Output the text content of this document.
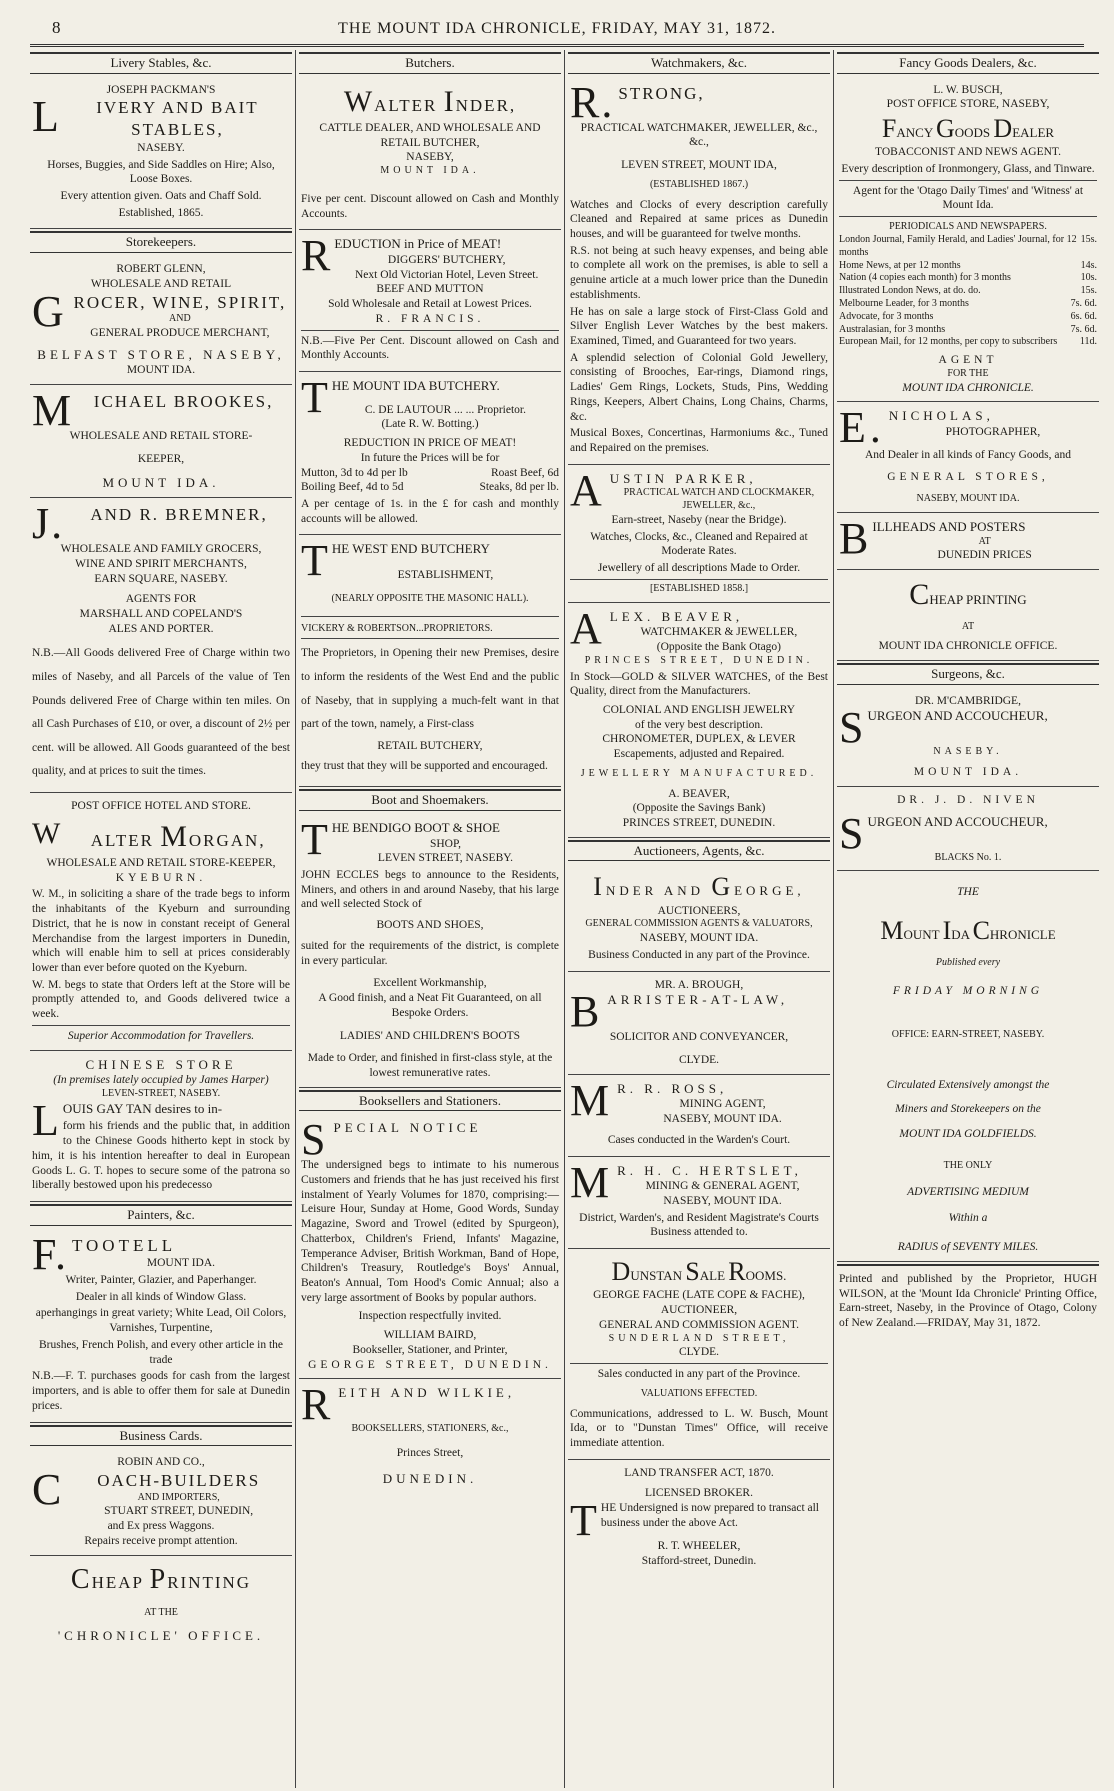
8	THE MOUNT IDA CHRONICLE, FRIDAY, MAY 31, 1872.
Livery Stables, &c.
JOSEPH PACKMAN'S
L IVERY AND BAIT STABLES,
NASEBY.

Horses, Buggies, and Side Saddles on Hire; Also, Loose Boxes.

Every attention given. Oats and Chaff Sold.

Established, 1865.

Storekeepers.
ROBERT GLENN,
WHOLESALE AND RETAIL
GROCER, WINE, SPIRIT,
AND
GENERAL PRODUCE MERCHANT,
BELFAST STORE, NASEBY,
MOUNT IDA.
M ICHAEL BROOKES,
WHOLESALE AND RETAIL STORE-
KEEPER,
MOUNT IDA.
J. AND R. BREMNER,
WHOLESALE AND FAMILY GROCERS,
WINE AND SPIRIT MERCHANTS,
EARN SQUARE, NASEBY.
AGENTS FOR
MARSHALL AND COPELAND'S
ALES AND PORTER.

N.B.—All Goods delivered Free of Charge within two miles of Naseby, and all Parcels of the value of Ten Pounds delivered Free of Charge within ten miles. On all Cash Purchases of £10, or over, a discount of 2½ per cent. will be allowed. All Goods guaranteed of the best quality, and at prices to suit the times.

POST OFFICE HOTEL AND STORE.
W ALTER MORGAN,
WHOLESALE AND RETAIL STORE-KEEPER,
KYEBURN.

W. M., in soliciting a share of the trade begs to inform the inhabitants of the Kyeburn and surrounding District, that he is now in constant receipt of General Merchandise from the largest importers in Dunedin, which will enable him to sell at prices considerably lower than ever before quoted on the Kyeburn.

W. M. begs to state that Orders left at the Store will be promptly attended to, and Goods delivered twice a week.

Superior Accommodation for Travellers.
CHINESE STORE
(In premises lately occupied by James Harper)
LEVEN-STREET, NASEBY.
LOUIS GAY TAN desires to in-

form his friends and the public that, in addition to the Chinese Goods hitherto kept in stock by him, it is his intention hereafter to deal in European Goods L. G. T. hopes to secure some of the patrona so liberally bestowed upon his predecesso

Painters, &c.
F. TOOTELL
MOUNT IDA.

Writer, Painter, Glazier, and Paperhanger.

Dealer in all kinds of Window Glass.

aperhangings in great variety; White Lead, Oil Colors, Varnishes, Turpentine,

Brushes, French Polish, and every other article in the trade

N.B.—F. T. purchases goods for cash from the largest importers, and is able to offer them for sale at Dunedin prices.

Business Cards.
ROBIN AND CO.,
C OACH-BUILDERS
AND IMPORTERS,
STUART STREET, DUNEDIN,
and Ex press Waggons.
Repairs receive prompt attention.
CHEAP PRINTING
AT THE
'CHRONICLE' OFFICE.
Butchers.
WALTER INDER,
CATTLE DEALER, AND WHOLESALE AND RETAIL BUTCHER,
NASEBY,
MOUNT IDA.

Five per cent. Discount allowed on Cash and Monthly Accounts.

REDUCTION in Price of MEAT!
DIGGERS' BUTCHERY,
Next Old Victorian Hotel, Leven Street.
BEEF AND MUTTON
Sold Wholesale and Retail at Lowest Prices.
R. FRANCIS.

N.B.—Five Per Cent. Discount allowed on Cash and Monthly Accounts.

THE MOUNT IDA BUTCHERY.
C. DE LAUTOUR ... ... Proprietor.
(Late R. W. Botting.)
REDUCTION IN PRICE OF MEAT!
In future the Prices will be for
Mutton, 3d to 4d per lb	Roast Beef, 6d
Boiling Beef, 4d to 5d	Steaks, 8d per lb.

A per centage of 1s. in the £ for cash and monthly accounts will be allowed.

THE WEST END BUTCHERY
ESTABLISHMENT,
(NEARLY OPPOSITE THE MASONIC HALL).
VICKERY & ROBERTSON...PROPRIETORS.

The Proprietors, in Opening their new Premises, desire to inform the residents of the West End and the public of Naseby, that in supplying a much-felt want in that part of the town, namely, a First-class

RETAIL BUTCHERY,

they trust that they will be supported and encouraged.

Boot and Shoemakers.
THE BENDIGO BOOT & SHOE
SHOP,
LEVEN STREET, NASEBY.

JOHN ECCLES begs to announce to the Residents, Miners, and others in and around Naseby, that his large and well selected Stock of

BOOTS AND SHOES,

suited for the requirements of the district, is complete in every particular.

Excellent Workmanship,
A Good finish, and a Neat Fit Guaranteed, on all Bespoke Orders.
LADIES' AND CHILDREN'S BOOTS
Made to Order, and finished in first-class style, at the lowest remunerative rates.
Booksellers and Stationers.
SPECIAL NOTICE

The undersigned begs to intimate to his numerous Customers and friends that he has just received his first instalment of Yearly Volumes for 1870, comprising:—Leisure Hour, Sunday at Home, Good Words, Sunday Magazine, Sword and Trowel (edited by Spurgeon), Chatterbox, Children's Friend, Infants' Magazine, Temperance Adviser, British Workman, Band of Hope, Children's Treasury, Routledge's Boys' Annual, Beaton's Annual, Tom Hood's Comic Annual; also a very large assortment of Books by popular authors.

Inspection respectfully invited.
WILLIAM BAIRD,
Bookseller, Stationer, and Printer,
GEORGE STREET, DUNEDIN.
REITH AND WILKIE,
BOOKSELLERS, STATIONERS, &c.,
Princes Street,
DUNEDIN.
Watchmakers, &c.
R. STRONG,
PRACTICAL WATCHMAKER, JEWELLER, &c., &c.,
LEVEN STREET, MOUNT IDA,
(ESTABLISHED 1867.)

Watches and Clocks of every description carefully Cleaned and Repaired at same prices as Dunedin houses, and will be guaranteed for twelve months.

R.S. not being at such heavy expenses, and being able to complete all work on the premises, is able to sell a genuine article at a much lower price than the Dunedin establishments.

He has on sale a large stock of First-Class Gold and Silver English Lever Watches by the best makers. Examined, Timed, and Guaranteed for two years.

A splendid selection of Colonial Gold Jewellery, consisting of Brooches, Ear-rings, Diamond rings, Ladies' Gem Rings, Lockets, Studs, Pins, Wedding Rings, Keepers, Albert Chains, Long Chains, Charms, &c.

Musical Boxes, Concertinas, Harmoniums &c., Tuned and Repaired on the premises.

AUSTIN PARKER,
PRACTICAL WATCH AND CLOCKMAKER, JEWELLER, &c.,
Earn-street, Naseby (near the Bridge).

Watches, Clocks, &c., Cleaned and Repaired at Moderate Rates.

Jewellery of all descriptions Made to Order.

[ESTABLISHED 1858.]
ALEX. BEAVER,
WATCHMAKER & JEWELLER,
(Opposite the Bank Otago)
PRINCES STREET, DUNEDIN.

In Stock—GOLD & SILVER WATCHES, of the Best Quality, direct from the Manufacturers.

COLONIAL AND ENGLISH JEWELRY
of the very best description.
CHRONOMETER, DUPLEX, & LEVER
Escapements, adjusted and Repaired.
JEWELLERY MANUFACTURED.
A. BEAVER,
(Opposite the Savings Bank)
PRINCES STREET, DUNEDIN.
Auctioneers, Agents, &c.
INDER AND GEORGE,
AUCTIONEERS,
GENERAL COMMISSION AGENTS & VALUATORS,
NASEBY, MOUNT IDA.

Business Conducted in any part of the Province.

MR. A. BROUGH,
BARRISTER-AT-LAW,
SOLICITOR AND CONVEYANCER,
CLYDE.
M R. R. ROSS,
MINING AGENT,
NASEBY, MOUNT IDA.

Cases conducted in the Warden's Court.

M R. H. C. HERTSLET,
MINING & GENERAL AGENT,
NASEBY, MOUNT IDA.

District, Warden's, and Resident Magistrate's Courts Business attended to.

DUNSTAN SALE ROOMS.
GEORGE FACHE (LATE COPE & FACHE),
AUCTIONEER,
GENERAL AND COMMISSION AGENT.
SUNDERLAND STREET,
CLYDE.

Sales conducted in any part of the Province.

VALUATIONS EFFECTED.

Communications, addressed to L. W. Busch, Mount Ida, or to "Dunstan Times" Office, will receive immediate attention.

LAND TRANSFER ACT, 1870.
LICENSED BROKER.
THE Undersigned is now prepared to transact all business under the above Act.
R. T. WHEELER,
Stafford-street, Dunedin.
Fancy Goods Dealers, &c.
L. W. BUSCH,
POST OFFICE STORE, NASEBY,
FANCY GOODS DEALER
TOBACCONIST AND NEWS AGENT.

Every description of Ironmongery, Glass, and Tinware.

Agent for the 'Otago Daily Times' and 'Witness' at Mount Ida.

PERIODICALS AND NEWSPAPERS.
London Journal, Family Herald, and Ladies' Journal, for 12 months
15s.
Home News, at per 12 months	14s.
Nation (4 copies each month) for 3 months	10s.
Illustrated London News, at do. do.	15s.
Melbourne Leader, for 3 months	7s. 6d.
Advocate, for 3 months	6s. 6d.
Australasian, for 3 months	7s. 6d.
European Mail, for 12 months, per copy to subscribers 11d.
AGENT
FOR THE
MOUNT IDA CHRONICLE.
E. NICHOLAS,
PHOTOGRAPHER,

And Dealer in all kinds of Fancy Goods, and

GENERAL STORES,
NASEBY, MOUNT IDA.
BILLHEADS AND POSTERS
AT
DUNEDIN PRICES
CHEAP PRINTING
AT
MOUNT IDA CHRONICLE OFFICE.
Surgeons, &c.
DR. M'CAMBRIDGE,
SURGEON AND ACCOUCHEUR,
NASEBY.
MOUNT IDA.
DR. J. D. NIVEN
SURGEON AND ACCOUCHEUR,
BLACKS No. 1.
THE
MOUNT IDA CHRONICLE
Published every
FRIDAY MORNING
OFFICE: EARN-STREET, NASEBY.
Circulated Extensively amongst the
Miners and Storekeepers on the
MOUNT IDA GOLDFIELDS.
THE ONLY
ADVERTISING MEDIUM
Within a
RADIUS of SEVENTY MILES.

Printed and published by the Proprietor, HUGH WILSON, at the 'Mount Ida Chronicle' Printing Office, Earn-street, Naseby, in the Province of Otago, Colony of New Zealand.—FRIDAY, May 31, 1872.
